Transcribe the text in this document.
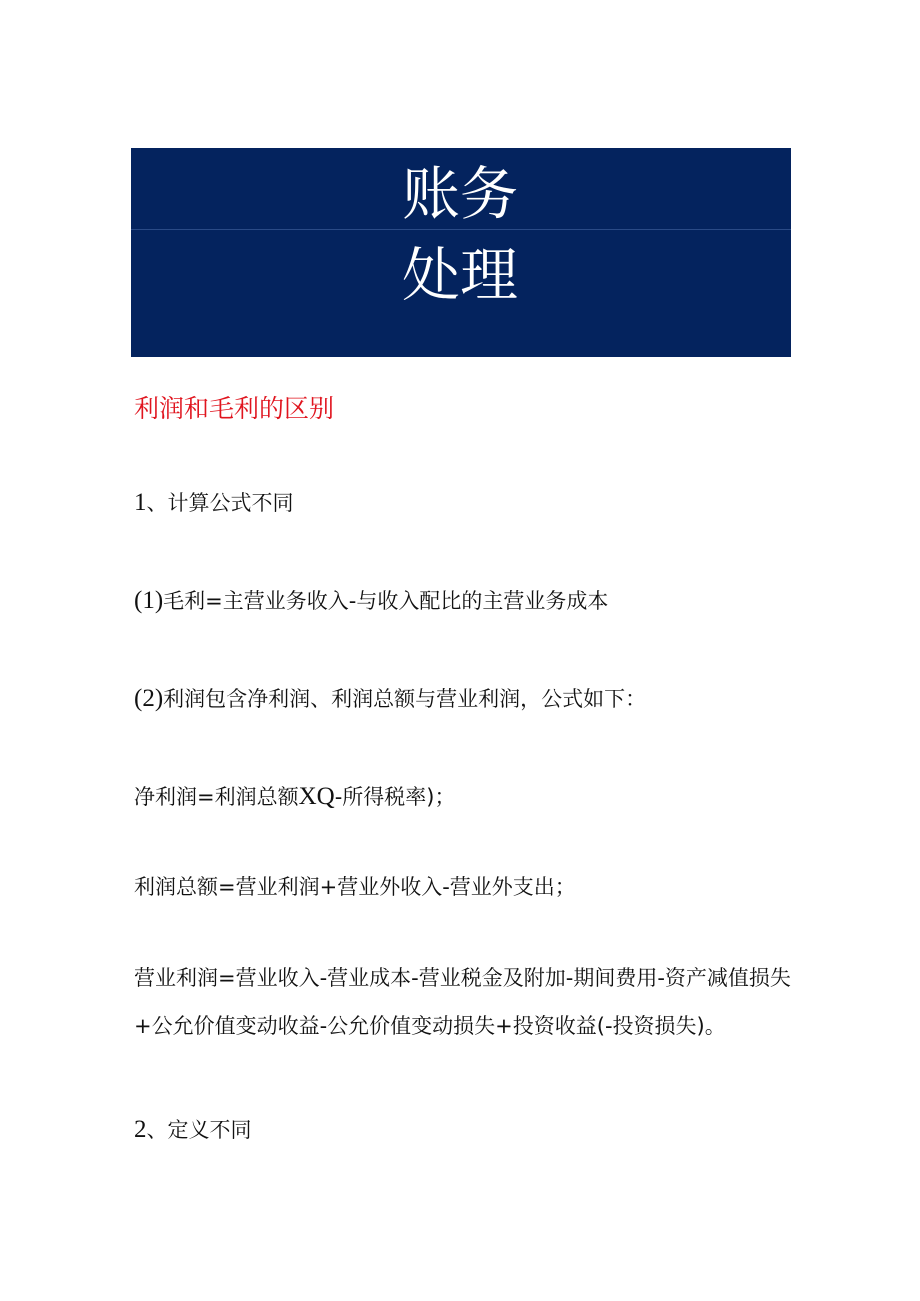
账务
处理
利润和毛利的区别
1、计算公式不同
(1)毛利=主营业务收入-与收入配比的主营业务成本
(2)利润包含净利润、利润总额与营业利润，公式如下：
净利润=利润总额XQ-所得税率)；
利润总额=营业利润+营业外收入-营业外支出；
营业利润=营业收入-营业成本-营业税金及附加-期间费用-资产减值损失+公允价值变动收益-公允价值变动损失+投资收益(-投资损失)。
2、定义不同
